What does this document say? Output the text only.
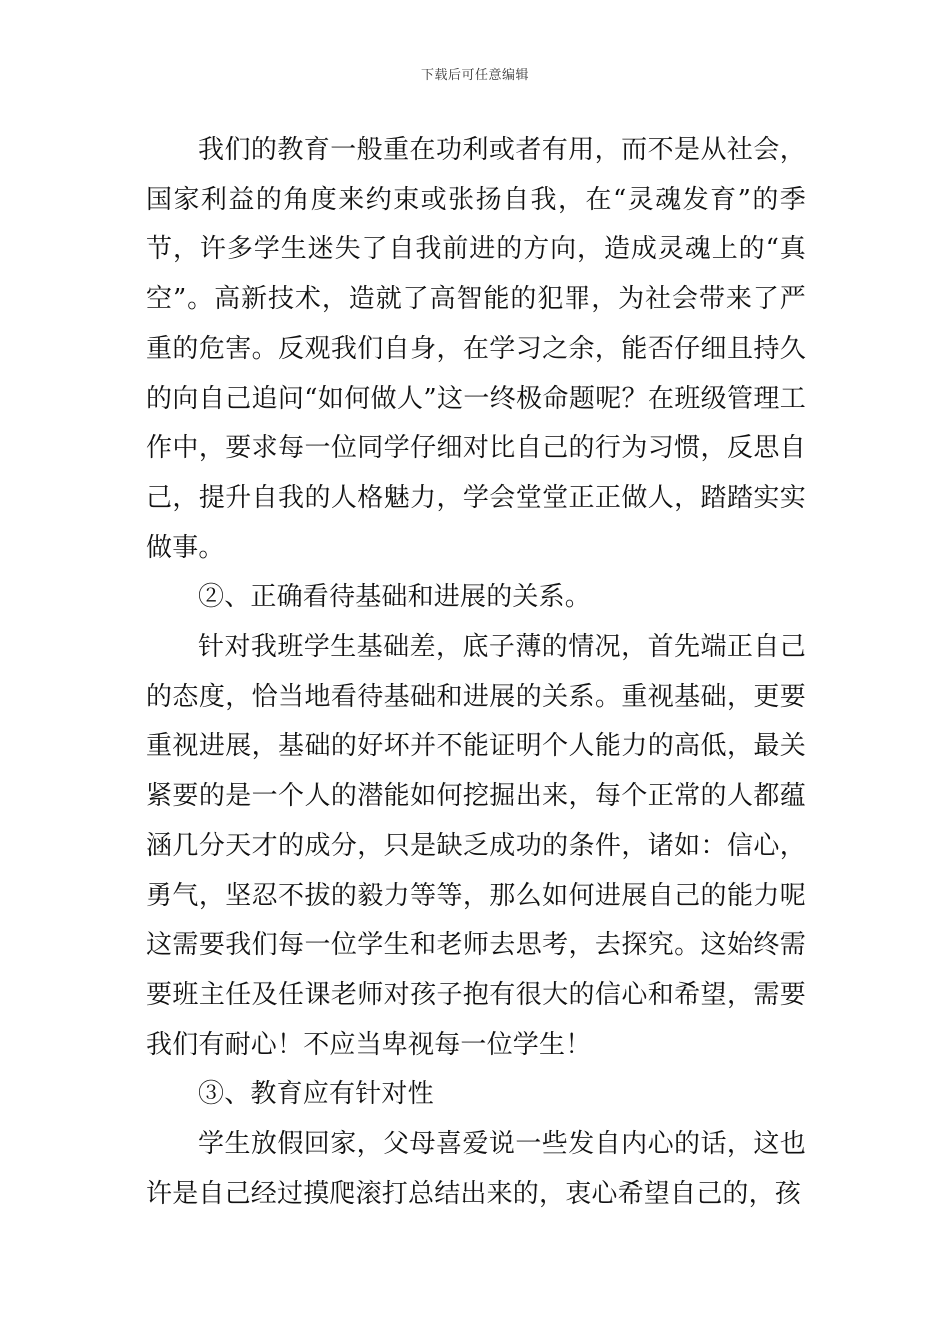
下载后可任意编辑

我们的教育一般重在功利或者有用，而不是从社会，国家利益的角度来约束或张扬自我，在“灵魂发育”的季节，许多学生迷失了自我前进的方向，造成灵魂上的“真空”。高新技术，造就了高智能的犯罪，为社会带来了严重的危害。反观我们自身，在学习之余，能否仔细且持久的向自己追问“如何做人”这一终极命题呢？在班级管理工作中，要求每一位同学仔细对比自己的行为习惯，反思自己，提升自我的人格魅力，学会堂堂正正做人，踏踏实实做事。

②、正确看待基础和进展的关系。

针对我班学生基础差，底子薄的情况，首先端正自己的态度，恰当地看待基础和进展的关系。重视基础，更要重视进展，基础的好坏并不能证明个人能力的高低，最关紧要的是一个人的潜能如何挖掘出来，每个正常的人都蕴涵几分天才的成分，只是缺乏成功的条件，诸如：信心，勇气，坚忍不拔的毅力等等，那么如何进展自己的能力呢这需要我们每一位学生和老师去思考，去探究。这始终需要班主任及任课老师对孩子抱有很大的信心和希望，需要我们有耐心！不应当卑视每一位学生！

③、教育应有针对性

学生放假回家，父母喜爱说一些发自内心的话，这也许是自己经过摸爬滚打总结出来的，衷心希望自己的，孩
